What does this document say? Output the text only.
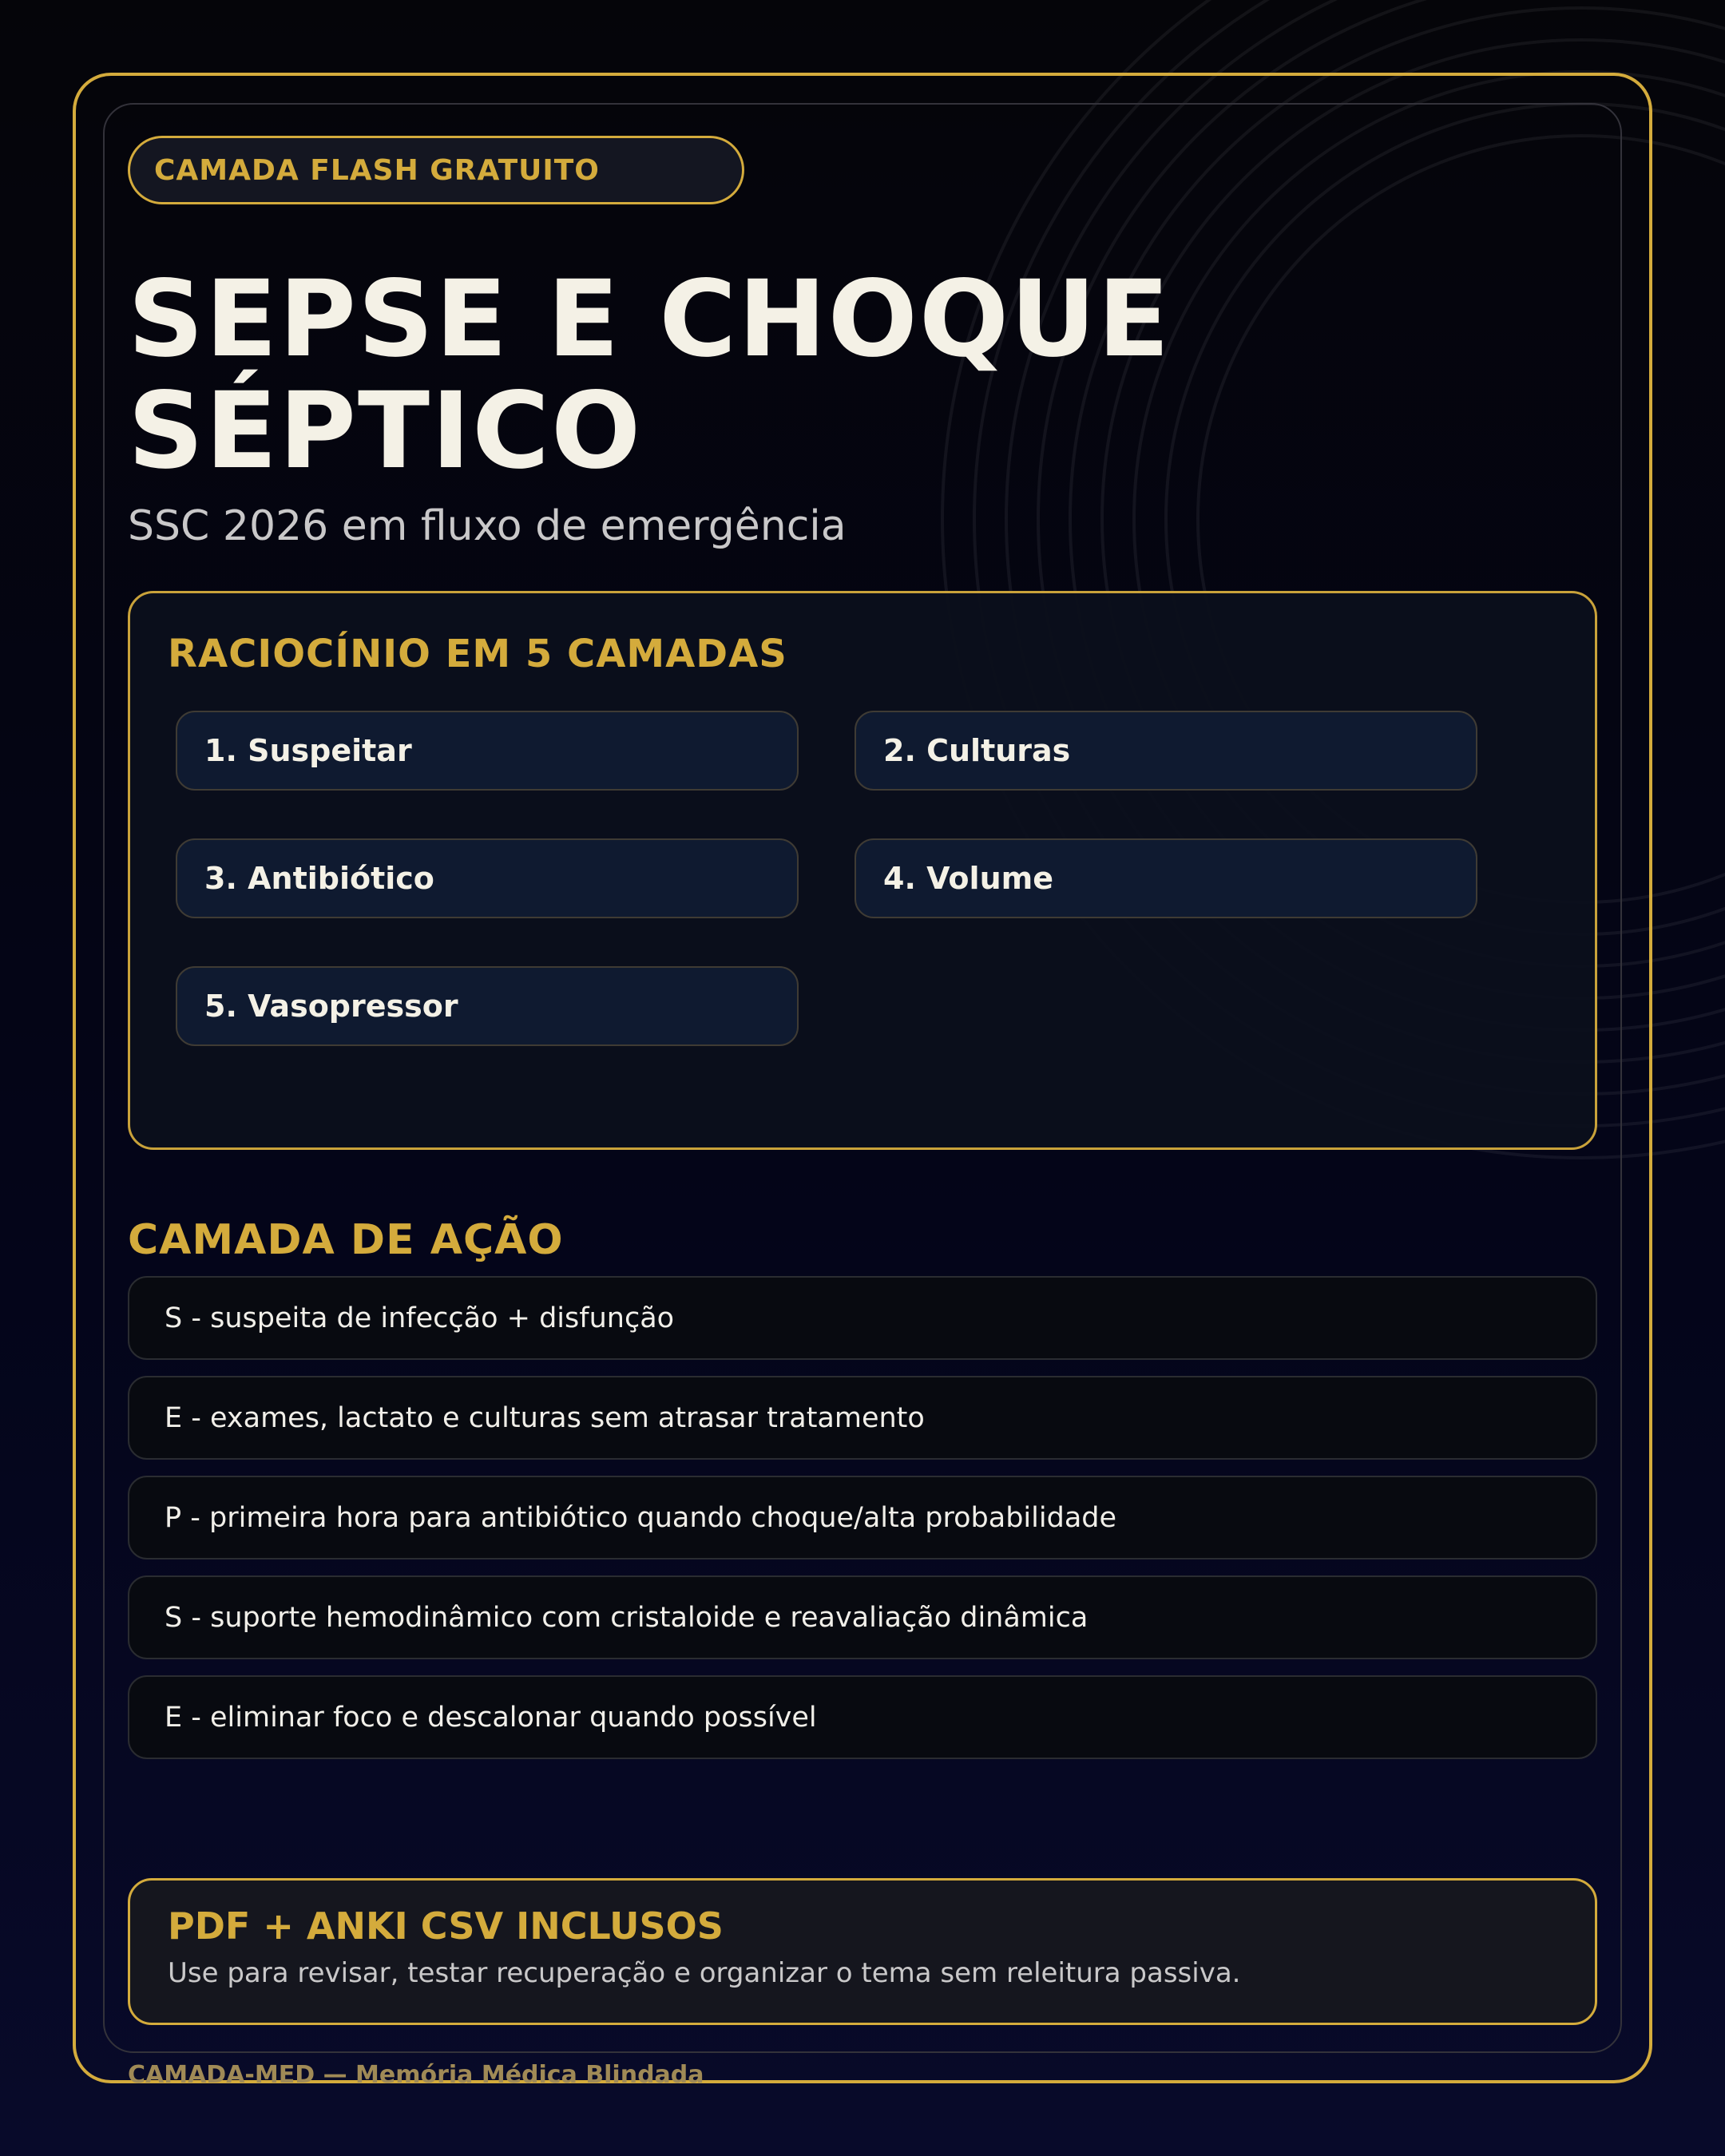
CAMADA FLASH GRATUITO
SEPSE E CHOQUE
SÉPTICO
SSC 2026 em fluxo de emergência
RACIOCÍNIO EM 5 CAMADAS
1. Suspeitar	2. Culturas
3. Antibiótico	4. Volume
5. Vasopressor
CAMADA DE AÇÃO
S - suspeita de infecção + disfunção
E - exames, lactato e culturas sem atrasar tratamento
P - primeira hora para antibiótico quando choque/alta probabilidade
S - suporte hemodinâmico com cristaloide e reavaliação dinâmica
E - eliminar foco e descalonar quando possível
PDF + ANKI CSV INCLUSOS
Use para revisar, testar recuperação e organizar o tema sem releitura passiva.
CAMADA-MED — Memória Médica Blindada
